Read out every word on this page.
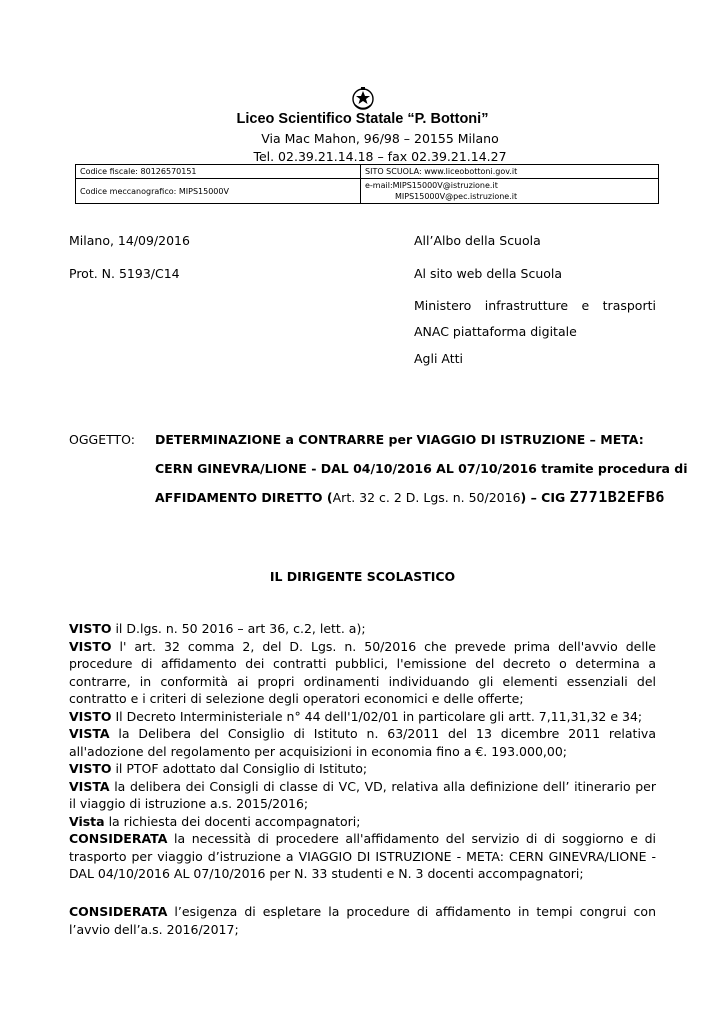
Liceo Scientifico Statale “P. Bottoni”
Via Mac Mahon, 96/98 – 20155 Milano
Tel. 02.39.21.14.18 – fax 02.39.21.14.27
Codice fiscale: 80126570151	SITO SCUOLA: www.liceobottoni.gov.it
Codice meccanografico: MIPS15000V	e-mail:MIPS15000V@istruzione.it
MIPS15000V@pec.istruzione.it
Milano, 14/09/2016
Prot. N. 5193/C14
All’Albo della Scuola
Al sito web della Scuola
Ministero infrastrutture e trasporti
ANAC piattaforma digitale
Agli Atti
OGGETTO: DETERMINAZIONE a CONTRARRE per VIAGGIO DI ISTRUZIONE – META:
CERN GINEVRA/LIONE - DAL 04/10/2016 AL 07/10/2016 tramite procedura di
AFFIDAMENTO DIRETTO (Art. 32 c. 2 D. Lgs. n. 50/2016) – CIG Z771B2EFB6
IL DIRIGENTE SCOLASTICO
VISTO il D.lgs. n. 50 2016 – art 36, c.2, lett. a);
VISTO l' art. 32 comma 2, del D. Lgs. n. 50/2016 che prevede prima dell'avvio delle procedure di affidamento dei contratti pubblici, l'emissione del decreto o determina a contrarre, in conformità ai propri ordinamenti individuando gli elementi essenziali del contratto e i criteri di selezione degli operatori economici e delle offerte;
VISTO Il Decreto Interministeriale n° 44 dell'1/02/01 in particolare gli artt. 7,11,31,32 e 34;
VISTA la Delibera del Consiglio di Istituto n. 63/2011 del 13 dicembre 2011 relativa all'adozione del regolamento per acquisizioni in economia fino a €. 193.000,00;
VISTO il PTOF adottato dal Consiglio di Istituto;
VISTA la delibera dei Consigli di classe di VC, VD, relativa alla definizione dell’ itinerario per il viaggio di istruzione a.s. 2015/2016;
Vista la richiesta dei docenti accompagnatori;
CONSIDERATA la necessità di procedere all'affidamento del servizio di di soggiorno e di trasporto per viaggio d’istruzione a VIAGGIO DI ISTRUZIONE - META: CERN GINEVRA/LIONE - DAL 04/10/2016 AL 07/10/2016 per N. 33 studenti e N. 3 docenti accompagnatori;
CONSIDERATA l’esigenza di espletare la procedure di affidamento in tempi congrui con l’avvio dell’a.s. 2016/2017;
